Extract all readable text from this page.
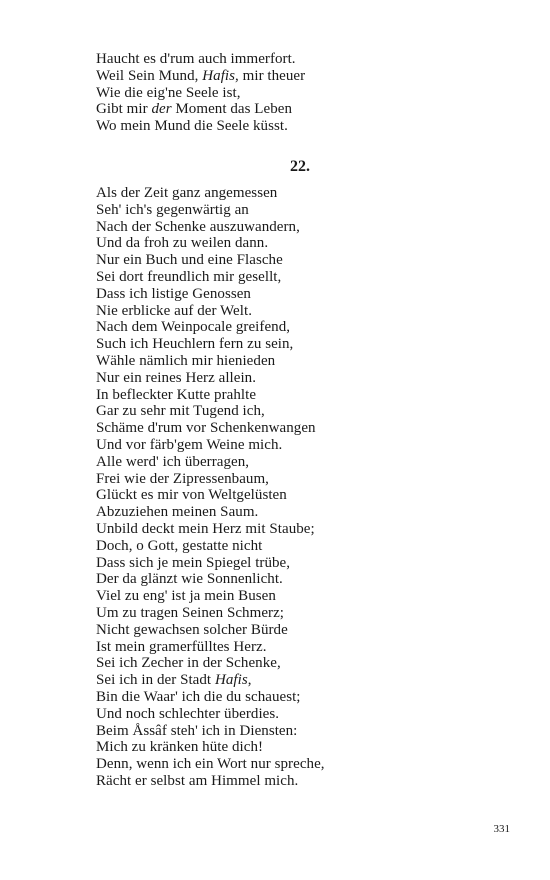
Haucht es d'rum auch immerfort.
Weil Sein Mund, Hafis, mir theuer
Wie die eig'ne Seele ist,
Gibt mir der Moment das Leben
Wo mein Mund die Seele küsst.
22.
Als der Zeit ganz angemessen
Seh' ich's gegenwärtig an
Nach der Schenke auszuwandern,
Und da froh zu weilen dann.
Nur ein Buch und eine Flasche
Sei dort freundlich mir gesellt,
Dass ich listige Genossen
Nie erblicke auf der Welt.
Nach dem Weinpocale greifend,
Such ich Heuchlern fern zu sein,
Wähle nämlich mir hienieden
Nur ein reines Herz allein.
In befleckter Kutte prahlte
Gar zu sehr mit Tugend ich,
Schäme d'rum vor Schenkenwangen
Und vor färb'gem Weine mich.
Alle werd' ich überragen,
Frei wie der Zipressenbaum,
Glückt es mir von Weltgelüsten
Abzuziehen meinen Saum.
Unbild deckt mein Herz mit Staube;
Doch, o Gott, gestatte nicht
Dass sich je mein Spiegel trübe,
Der da glänzt wie Sonnenlicht.
Viel zu eng' ist ja mein Busen
Um zu tragen Seinen Schmerz;
Nicht gewachsen solcher Bürde
Ist mein gramerfülltes Herz.
Sei ich Zecher in der Schenke,
Sei ich in der Stadt Hafis,
Bin die Waar' ich die du schauest;
Und noch schlechter überdies.
Beim Åssâf steh' ich in Diensten:
Mich zu kränken hüte dich!
Denn, wenn ich ein Wort nur spreche,
Rächt er selbst am Himmel mich.
331
